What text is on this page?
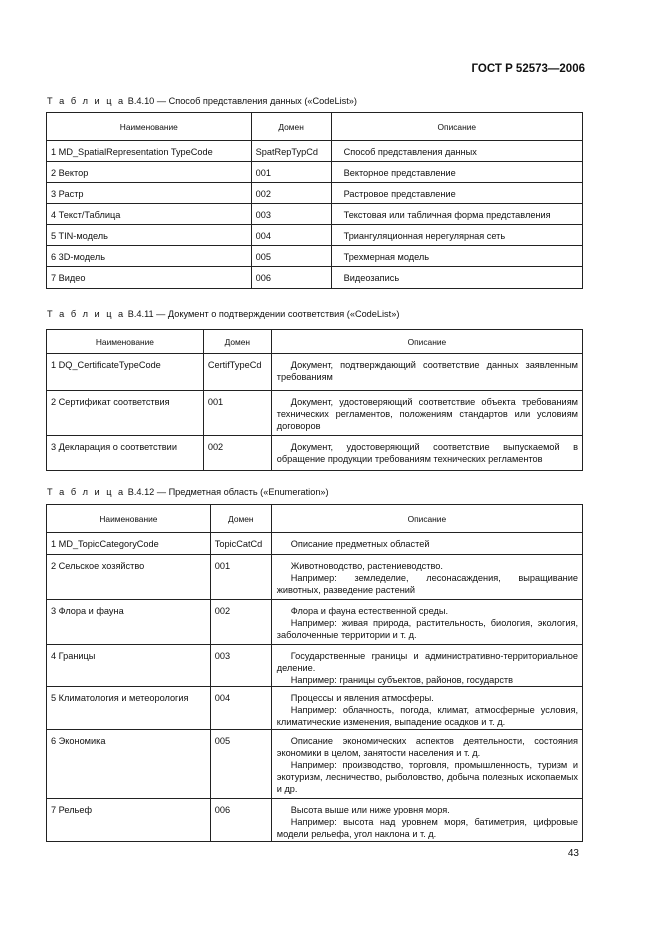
ГОСТ Р 52573—2006
Т а б л и ц а B.4.10 — Способ представления данных («CodeList»)
Наименование	Домен	Описание
1 MD_SpatialRepresentation TypeCode	SpatRepTypCd	Способ представления данных
2 Вектор	001	Векторное представление
3 Растр	002	Растровое представление
4 Текст/Таблица	003	Текстовая или табличная форма представления
5 TIN-модель	004	Триангуляционная нерегулярная сеть
6 3D-модель	005	Трехмерная модель
7 Видео	006	Видеозапись
Т а б л и ц а B.4.11 — Документ о подтверждении соответствия («CodeList»)
Наименование	Домен	Описание
1 DQ_CertificateTypeCode	CertifTypeCd	Документ, подтверждающий соответствие данных заявленным требованиям

2 Сертификат соответствия	001	Документ, удостоверяющий соответствие объекта требованиям технических регламентов, положениям стандартов или условиям договоров

3 Декларация о соответствии	002	Документ, удостоверяющий соответствие выпускаемой в обращение продукции требованиям технических регламентов
Т а б л и ц а B.4.12 — Предметная область («Enumeration»)
Наименование	Домен	Описание
1 MD_TopicCategoryCode	TopicCatCd	Описание предметных областей

2 Сельское хозяйство	001	Животноводство, растениеводство.
Например: земледелие, лесонасаждения, выращивание животных, разведение растений

3 Флора и фауна	002	Флора и фауна естественной среды.
Например: живая природа, растительность, биология, экология, заболоченные территории и т. д.

4 Границы	003	Государственные границы и административно-территориальное деление.
Например: границы субъектов, районов, государств

5 Климатология и метеорология	004	Процессы и явления атмосферы.
Например: облачность, погода, климат, атмосферные условия, климатические изменения, выпадение осадков и т. д.

6 Экономика	005	Описание экономических аспектов деятельности, состояния экономики в целом, занятости населения и т. д.
Например: производство, торговля, промышленность, туризм и экотуризм, лесничество, рыболовство, добыча полезных ископаемых и др.

7 Рельеф	006	Высота выше или ниже уровня моря.
Например: высота над уровнем моря, батиметрия, цифровые модели рельефа, угол наклона и т. д.
43
